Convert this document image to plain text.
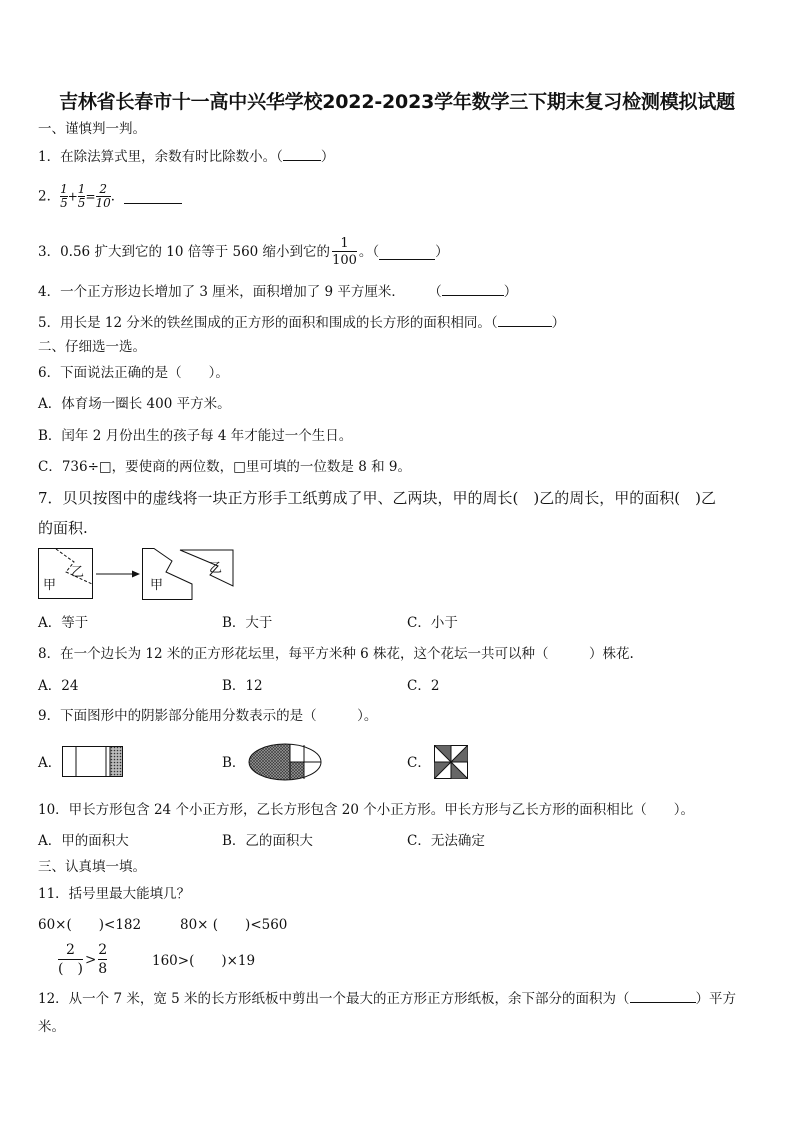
吉林省长春市十一高中兴华学校2022-2023学年数学三下期末复习检测模拟试题
一、谨慎判一判。
1．在除法算式里，余数有时比除数小。（	）
2． $\frac{1}{5} + \frac{1}{5} = \frac{2}{10}$ ．
3．0.56 扩大到它的 10 倍等于 560 缩小到它的 $\frac{1}{100}$ 。（	）
4．一个正方形边长增加了 3 厘米，面积增加了 9 平方厘米． （	）
5．用长是 12 分米的铁丝围成的正方形的面积和围成的长方形的面积相同。（	）
二、仔细选一选。
6．下面说法正确的是（　　）。
A．体育场一圈长 400 平方米。
B．闰年 2 月份出生的孩子每 4 年才能过一个生日。
C．736÷□，要使商的两位数，□里可填的一位数是 8 和 9。
7．贝贝按图中的虚线将一块正方形手工纸剪成了甲、乙两块，甲的周长(　)乙的周长，甲的面积(　)乙
的面积.
甲
乙
甲
乙
A．等于	B．大于	C．小于
8．在一个边长为 12 米的正方形花坛里，每平方米种 6 株花，这个花坛一共可以种（　　　）株花.
A．24	B．12	C．2
9．下面图形中的阴影部分能用分数表示的是（　　　）。
A．	B．	C．
10．甲长方形包含 24 个小正方形，乙长方形包含 20 个小正方形。甲长方形与乙长方形的面积相比（　　）。
A．甲的面积大	B．乙的面积大	C．无法确定
三、认真填一填。
11．括号里最大能填几？
60×(　　)<182	80× (　　)<560
$\frac{2}{( )} > \frac{2}{8}$	160>(　　)×19
12．从一个 7 米，宽 5 米的长方形纸板中剪出一个最大的正方形正方形纸板，余下部分的面积为（	）平方
米。
